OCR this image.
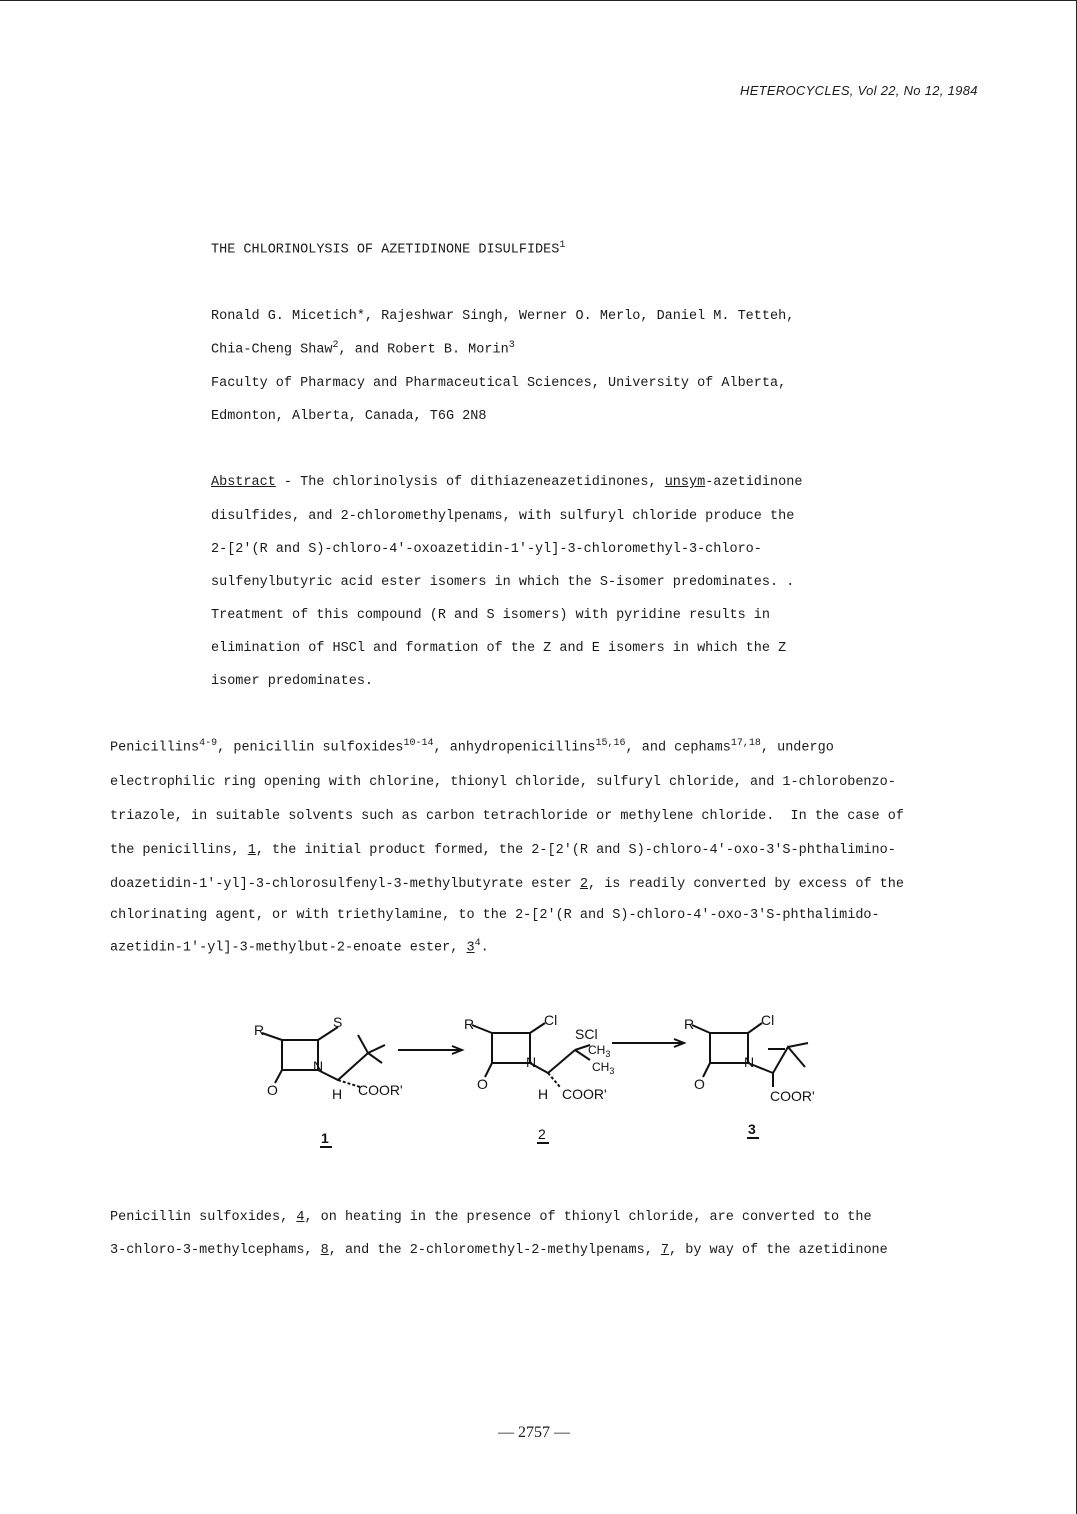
HETEROCYCLES, Vol 22, No 12, 1984
THE CHLORINOLYSIS OF AZETIDINONE DISULFIDES$^1$
Ronald G. Micetich*, Rajeshwar Singh, Werner O. Merlo, Daniel M. Tetteh,
Chia-Cheng Shaw$^2$, and Robert B. Morin$^3$
Faculty of Pharmacy and Pharmaceutical Sciences, University of Alberta,
Edmonton, Alberta, Canada, T6G 2N8
Abstract - The chlorinolysis of dithiazeneazetidinones, unsym-azetidinone
disulfides, and 2-chloromethylpenams, with sulfuryl chloride produce the
2-[2'(R and S)-chloro-4'-oxoazetidin-1'-yl]-3-chloromethyl-3-chloro-
sulfenylbutyric acid ester isomers in which the S-isomer predominates. .
Treatment of this compound (R and S isomers) with pyridine results in
elimination of HSCl and formation of the Z and E isomers in which the Z
isomer predominates.
Penicillins$^{4-9}$, penicillin sulfoxides$^{10-14}$, anhydropenicillins$^{15,16}$, and cephams$^{17,18}$, undergo
electrophilic ring opening with chlorine, thionyl chloride, sulfuryl chloride, and 1-chlorobenzo-
triazole, in suitable solvents such as carbon tetrachloride or methylene chloride.  In the case of
the penicillins, 1, the initial product formed, the 2-[2'(R and S)-chloro-4'-oxo-3'S-phthalimino-
doazetidin-1'-yl]-3-chlorosulfenyl-3-methylbutyrate ester 2, is readily converted by excess of the
chlorinating agent, or with triethylamine, to the 2-[2'(R and S)-chloro-4'-oxo-3'S-phthalimido-
azetidin-1'-yl]-3-methylbut-2-enoate ester, $3^4$.
R	S
N
O	H COOR'
R	Cl
SCl
$CH_3$
$CH_3$
N
O
H COOR'
R	Cl
N
O
COOR'
1	2	3
Penicillin sulfoxides, 4, on heating in the presence of thionyl chloride, are converted to the
3-chloro-3-methylcephams, 8, and the 2-chloromethyl-2-methylpenams, 7, by way of the azetidinone
— 2757 —
